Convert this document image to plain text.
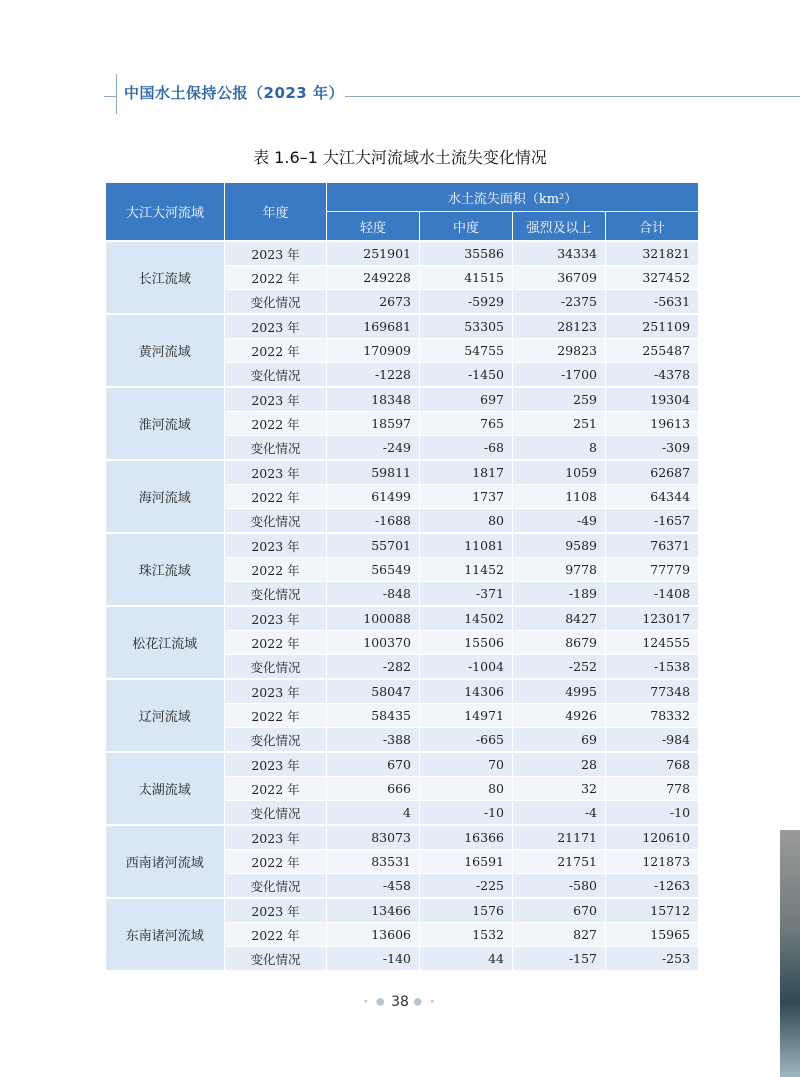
中国水土保持公报（2023 年）
表 1.6–1 大江大河流域水土流失变化情况
大江大河流域	年度	水土流失面积（km²）			
		轻度	中度	强烈及以上	合计
长江流域	2023 年	251901	35586	34334	321821
	2022 年	249228	41515	36709	327452
	变化情况	2673	-5929	-2375	-5631
黄河流域	2023 年	169681	53305	28123	251109
	2022 年	170909	54755	29823	255487
	变化情况	-1228	-1450	-1700	-4378
淮河流域	2023 年	18348	697	259	19304
	2022 年	18597	765	251	19613
	变化情况	-249	-68	8	-309
海河流域	2023 年	59811	1817	1059	62687
	2022 年	61499	1737	1108	64344
	变化情况	-1688	80	-49	-1657
珠江流域	2023 年	55701	11081	9589	76371
	2022 年	56549	11452	9778	77779
	变化情况	-848	-371	-189	-1408
松花江流域	2023 年	100088	14502	8427	123017
	2022 年	100370	15506	8679	124555
	变化情况	-282	-1004	-252	-1538
辽河流域	2023 年	58047	14306	4995	77348
	2022 年	58435	14971	4926	78332
	变化情况	-388	-665	69	-984
太湖流域	2023 年	670	70	28	768
	2022 年	666	80	32	778
	变化情况	4	-10	-4	-10
西南诸河流域	2023 年	83073	16366	21171	120610
	2022 年	83531	16591	21751	121873
	变化情况	-458	-225	-580	-1263
东南诸河流域	2023 年	13466	1576	670	15712
	2022 年	13606	1532	827	15965
	变化情况	-140	44	-157	-253
• ● 38 ● •
